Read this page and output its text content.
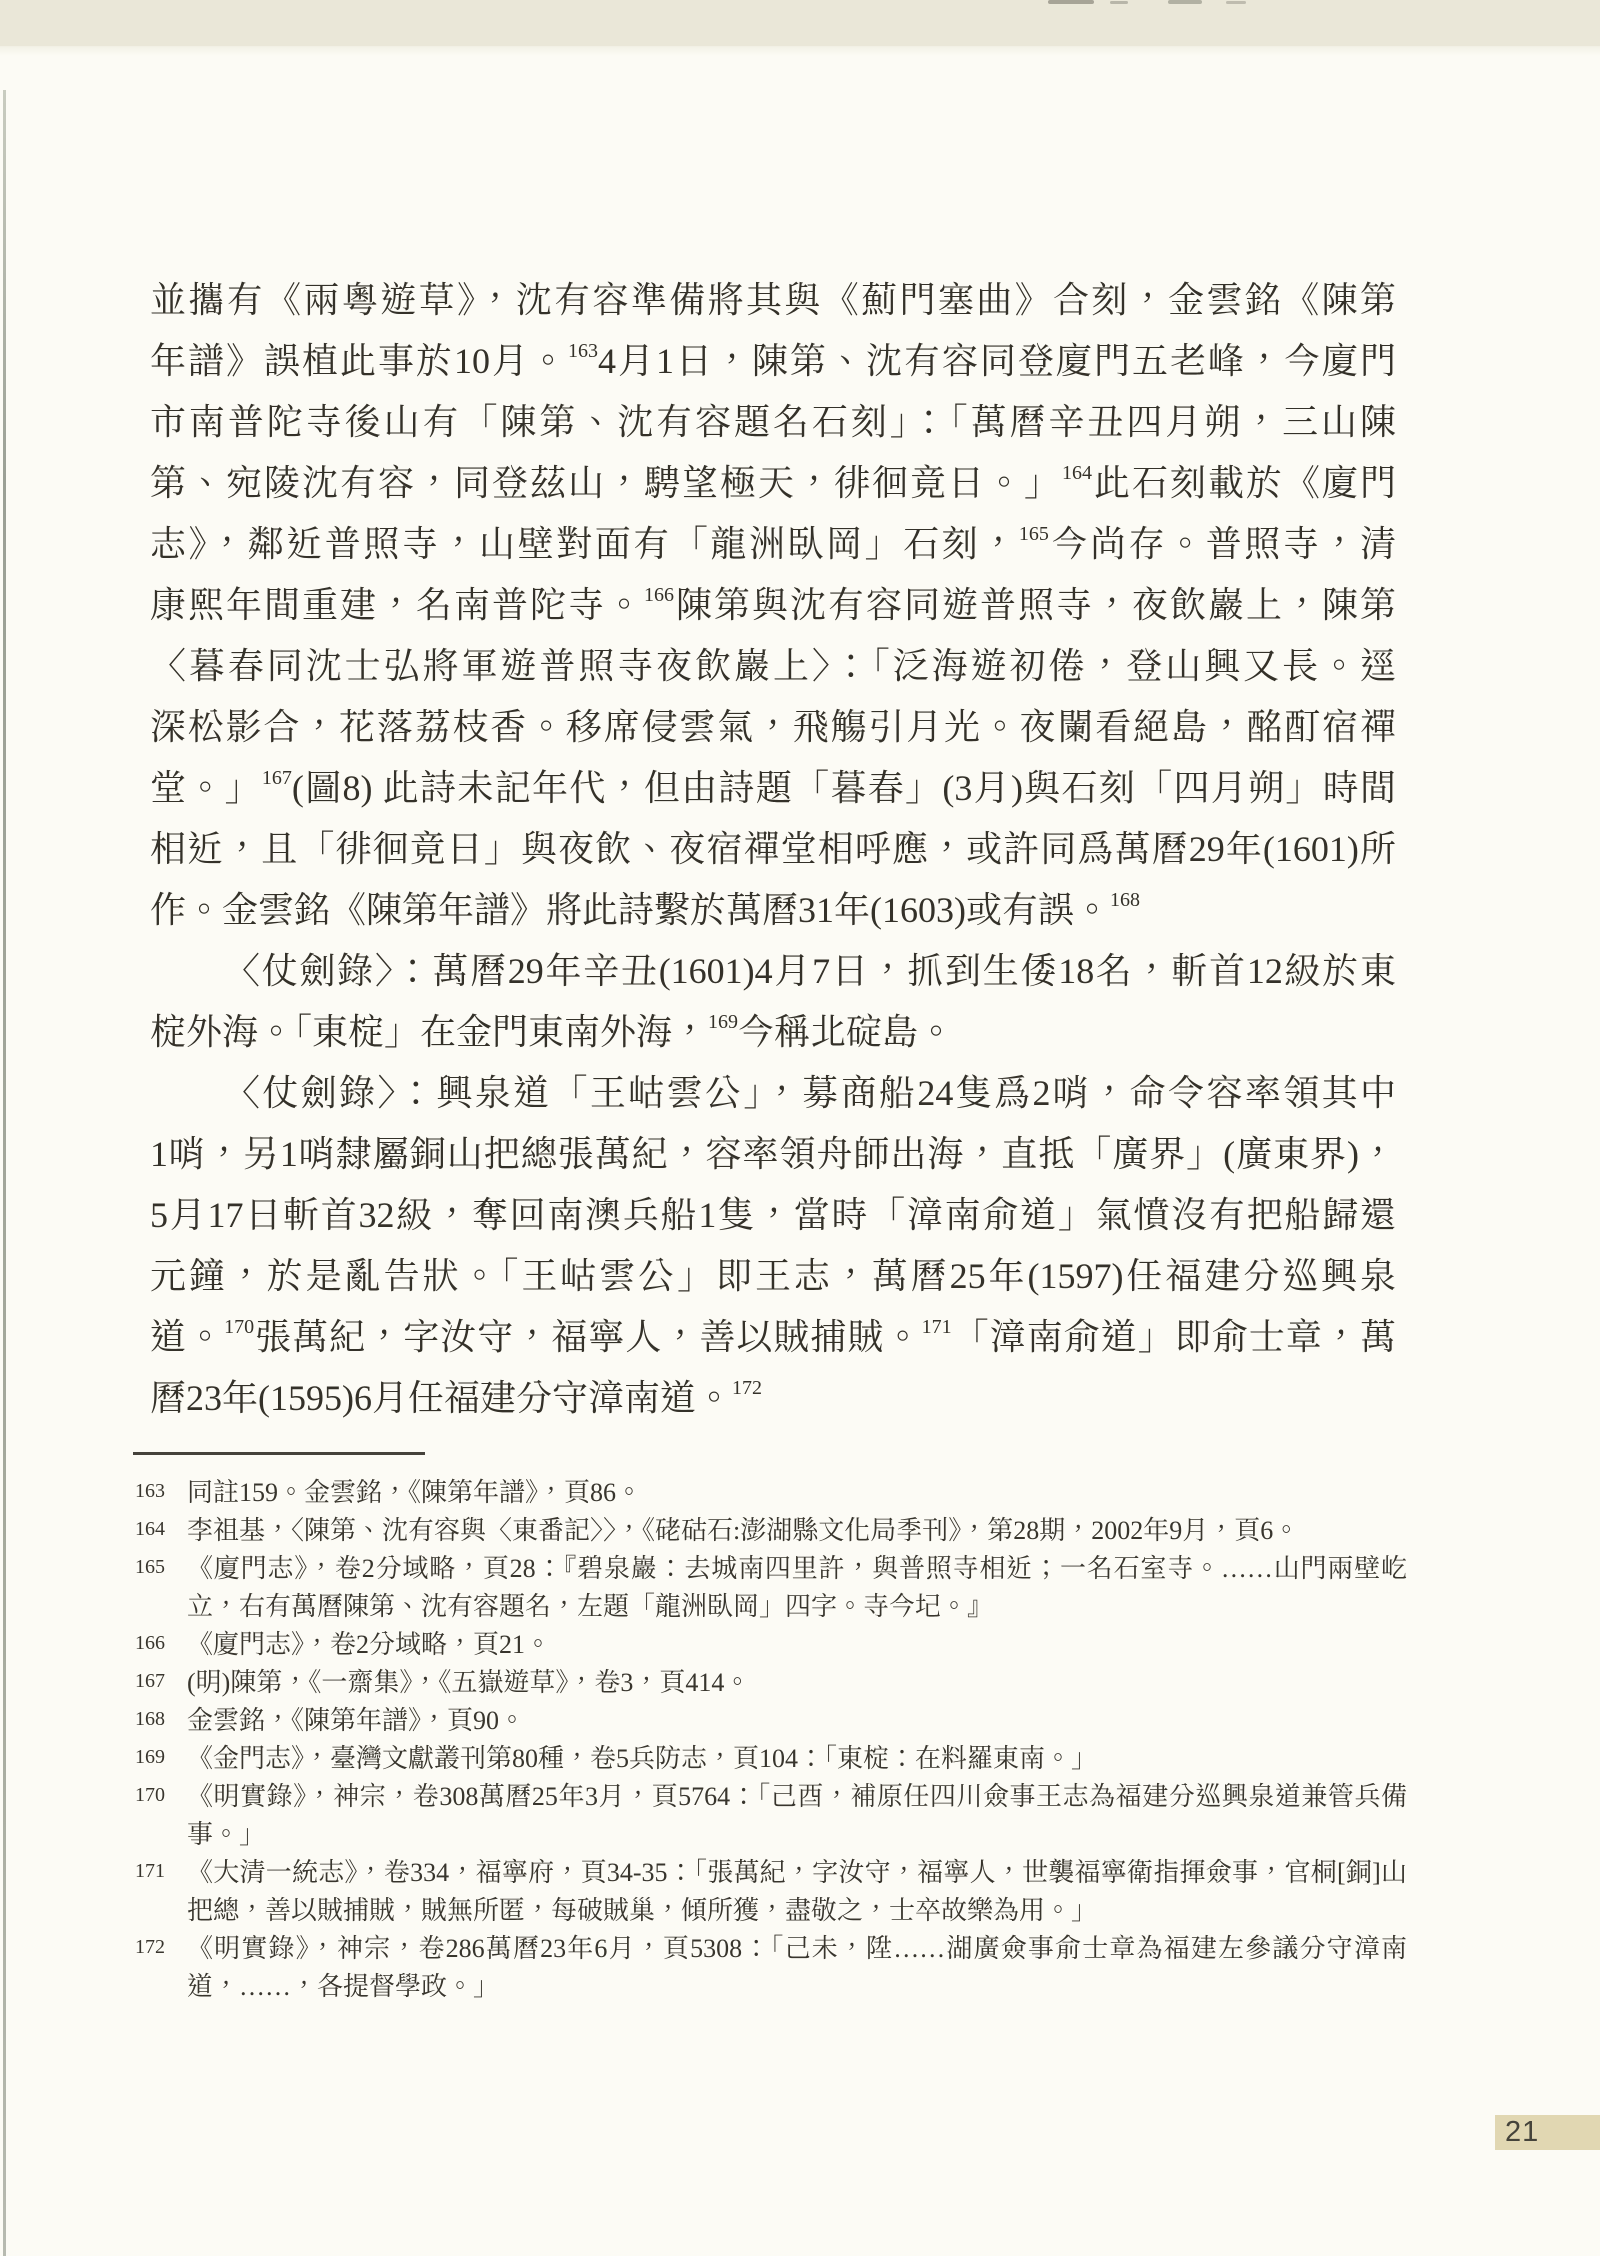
並攜有《兩粵遊草》，沈有容準備將其與《薊門塞曲》合刻，金雲銘《陳第
年譜》誤植此事於10月。$^{163}$4月1日，陳第、沈有容同登廈門五老峰，今廈門
市南普陀寺後山有「陳第、沈有容題名石刻」：「萬曆辛丑四月朔，三山陳
第、宛陵沈有容，同登茲山，騁望極天，徘徊竟日。」$^{164}$此石刻載於《廈門
志》，鄰近普照寺，山壁對面有「龍洲臥岡」石刻，$^{165}$今尚存。普照寺，清
康熙年間重建，名南普陀寺。$^{166}$陳第與沈有容同遊普照寺，夜飲巖上，陳第
〈暮春同沈士弘將軍遊普照寺夜飲巖上〉：「泛海遊初倦，登山興又長。逕
深松影合，花落荔枝香。移席侵雲氣，飛觴引月光。夜闌看絕島，酩酊宿禪
堂。」$^{167}$(圖8) 此詩未記年代，但由詩題「暮春」(3月)與石刻「四月朔」時間
相近，且「徘徊竟日」與夜飲、夜宿禪堂相呼應，或許同爲萬曆29年(1601)所
作。金雲銘《陳第年譜》將此詩繫於萬曆31年(1603)或有誤。$^{168}$
〈仗劍錄〉：萬曆29年辛丑(1601)4月7日，抓到生倭18名，斬首12級於東
椗外海。「東椗」在金門東南外海，$^{169}$今稱北碇島。
〈仗劍錄〉：興泉道「王岵雲公」，募商船24隻爲2哨，命令容率領其中
1哨，另1哨隸屬銅山把總張萬紀，容率領舟師出海，直抵「廣界」(廣東界)，
5月17日斬首32級，奪回南澳兵船1隻，當時「漳南俞道」氣憤沒有把船歸還
元鐘，於是亂告狀。「王岵雲公」即王志，萬曆25年(1597)任福建分巡興泉
道。$^{170}$張萬紀，字汝守，福寧人，善以賊捕賊。$^{171}$「漳南俞道」即俞士章，萬
曆23年(1595)6月任福建分守漳南道。$^{172}$
163 同註159。金雲銘，《陳第年譜》，頁86。
164 李祖基，〈陳第、沈有容與〈東番記〉〉，《硓𥑮石:澎湖縣文化局季刊》，第28期，2002年9月，頁6。
165 《廈門志》，卷2分域略，頁28：『碧泉巖：去城南四里許，與普照寺相近；一名石室寺。……山門兩壁屹立，右有萬曆陳第、沈有容題名，左題「龍洲臥岡」四字。寺今圮。』
166 《廈門志》，卷2分域略，頁21。
167 (明)陳第，《一齋集》，《五嶽遊草》，卷3，頁414。
168 金雲銘，《陳第年譜》，頁90。
169 《金門志》，臺灣文獻叢刊第80種，卷5兵防志，頁104：「東椗：在料羅東南。」
170 《明實錄》，神宗，卷308萬曆25年3月，頁5764：「己酉，補原任四川僉事王志為福建分巡興泉道兼管兵備事。」
171 《大清一統志》，卷334，福寧府，頁34-35：「張萬紀，字汝守，福寧人，世襲福寧衛指揮僉事，官桐[銅]山把總，善以賊捕賊，賊無所匿，每破賊巢，傾所獲，盡敬之，士卒故樂為用。」
172 《明實錄》，神宗，卷286萬曆23年6月，頁5308：「己未，陞……湖廣僉事俞士章為福建左參議分守漳南道，……，各提督學政。」
21
